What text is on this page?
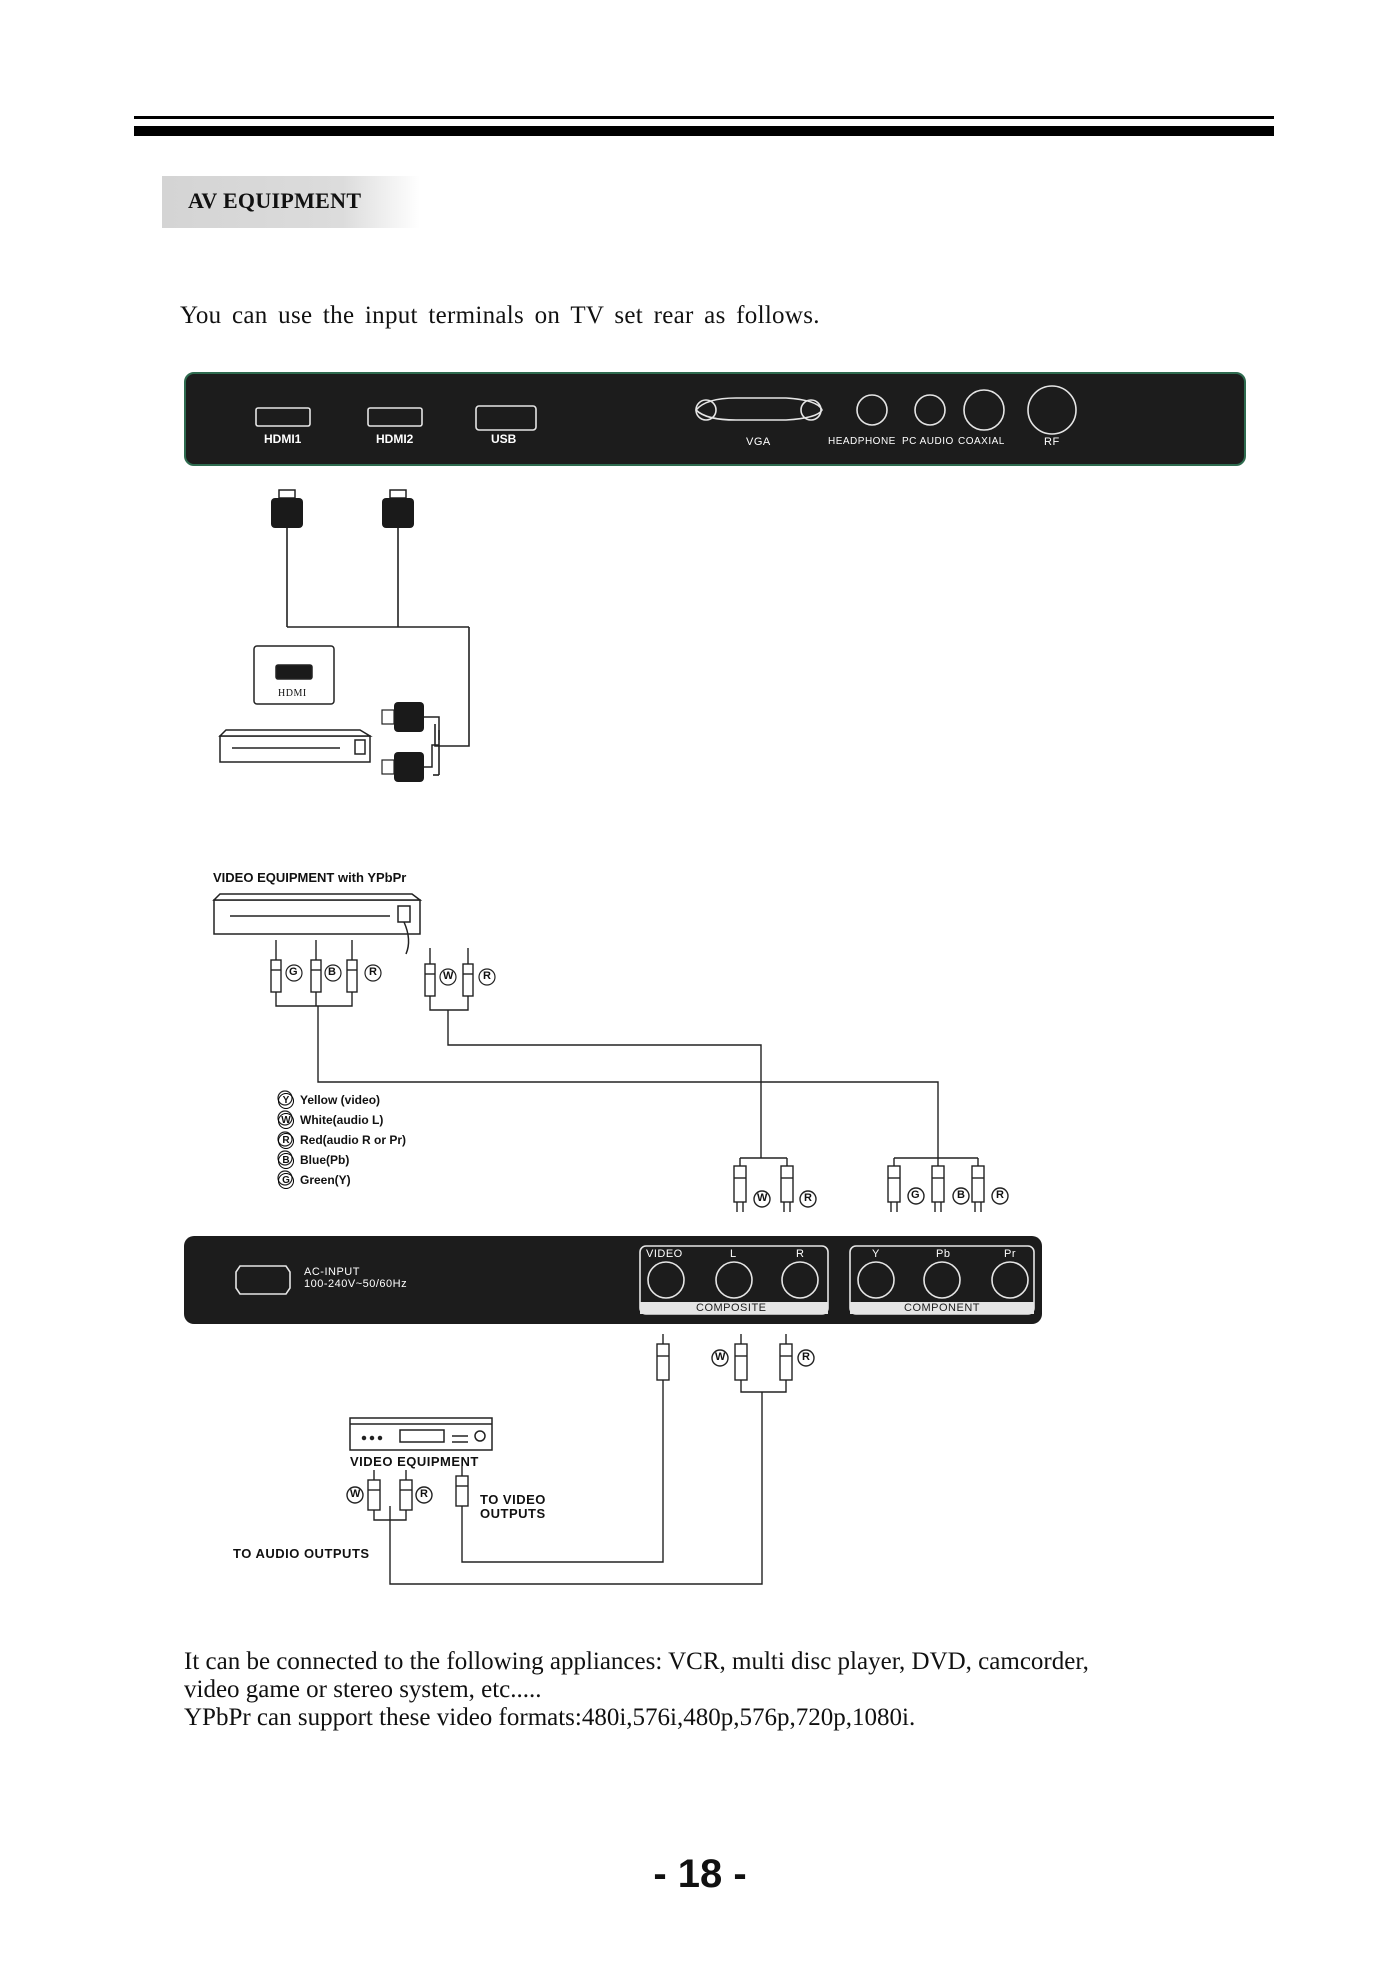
AV EQUIPMENT
You can use the input terminals on TV set rear as follows.
HDMI1	HDMI2	USB	VGA	HEADPHONE PC AUDIO COAXIAL	RF
HDMI
VIDEO EQUIPMENT with YPbPr
G	B	R	W	R
Y Yellow (video)
W White(audio L)
R Red(audio R or Pr)
B Blue(Pb)
G Green(Y)
W	R	G	B	R
AC-INPUT
100-240V~50/60Hz
VIDEO	L	R
COMPOSITE
Y	Pb	Pr
COMPONENT
W	R
W	R
VIDEO EQUIPMENT
TO VIDEO
OUTPUTS
TO AUDIO OUTPUTS
It can be connected to the following appliances: VCR, multi disc player, DVD, camcorder,
video game or stereo system, etc.....
YPbPr can support these video formats:480i,576i,480p,576p,720p,1080i.
- 18 -
